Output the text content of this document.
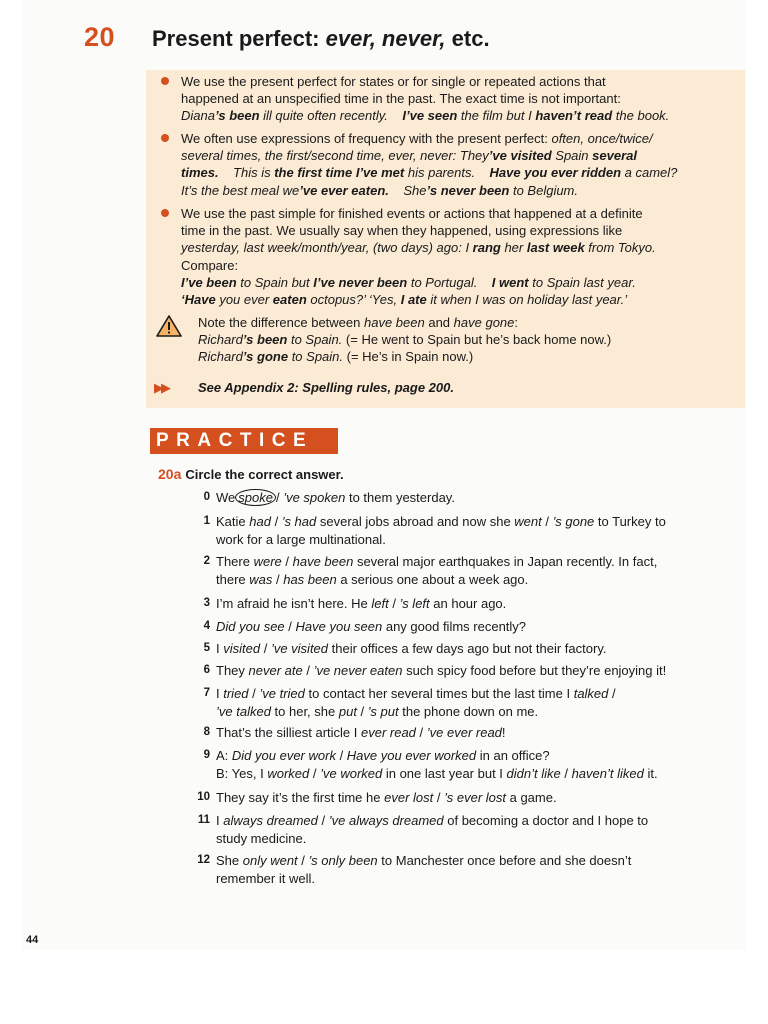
20 Present perfect: ever, never, etc.
We use the present perfect for states or for single or repeated actions that
happened at an unspecified time in the past. The exact time is not important:
Diana’s been ill quite often recently. I’ve seen the film but I haven’t read the book.
We often use expressions of frequency with the present perfect: often, once/twice/
several times, the first/second time, ever, never: They’ve visited Spain several
times. This is the first time I’ve met his parents. Have you ever ridden a camel?
It’s the best meal we’ve ever eaten. She’s never been to Belgium.
We use the past simple for finished events or actions that happened at a definite
time in the past. We usually say when they happened, using expressions like
yesterday, last week/month/year, (two days) ago: I rang her last week from Tokyo.
Compare:
I’ve been to Spain but I’ve never been to Portugal. I went to Spain last year.
‘Have you ever eaten octopus?’ ‘Yes, I ate it when I was on holiday last year.’
Note the difference between have been and have gone:
Richard’s been to Spain. (= He went to Spain but he’s back home now.)
Richard’s gone to Spain. (= He’s in Spain now.)
▶▶ See Appendix 2: Spelling rules, page 200.
PRACTICE
20a Circle the correct answer.
0 We spoke / ’ve spoken to them yesterday.
1 Katie had / ’s had several jobs abroad and now she went / ’s gone to Turkey to
work for a large multinational.
2 There were / have been several major earthquakes in Japan recently. In fact,
there was / has been a serious one about a week ago.
3 I’m afraid he isn’t here. He left / ’s left an hour ago.
4 Did you see / Have you seen any good films recently?
5 I visited / ’ve visited their offices a few days ago but not their factory.
6 They never ate / ’ve never eaten such spicy food before but they’re enjoying it!
7 I tried / ’ve tried to contact her several times but the last time I talked /
’ve talked to her, she put / ’s put the phone down on me.
8 That’s the silliest article I ever read / ’ve ever read!
9 A: Did you ever work / Have you ever worked in an office?
B: Yes, I worked / ’ve worked in one last year but I didn’t like / haven’t liked it.
10 They say it’s the first time he ever lost / ’s ever lost a game.
11 I always dreamed / ’ve always dreamed of becoming a doctor and I hope to
study medicine.
12 She only went / ’s only been to Manchester once before and she doesn’t
remember it well.
44
